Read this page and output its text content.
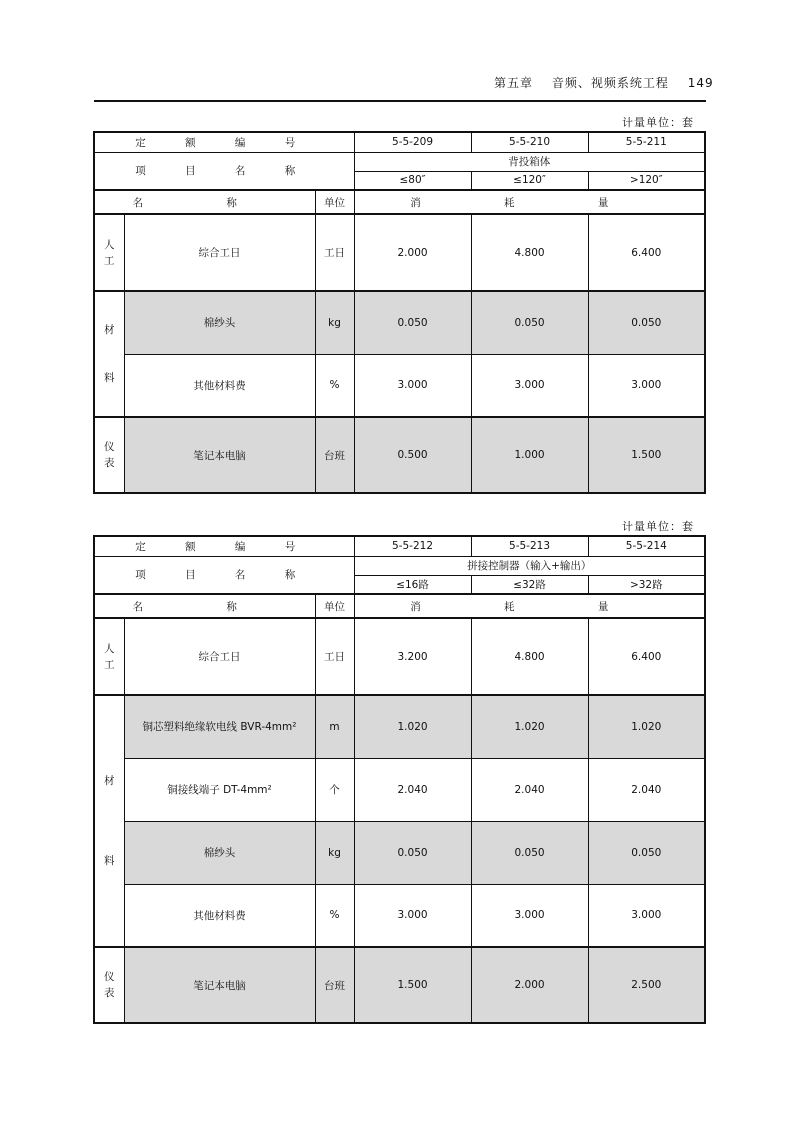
第五章 音频、视频系统工程 149
计量单位：套
定 额 编 号			5-5-209	5-5-210	5-5-211
项 目 名 称			背投箱体		
			≤80″	≤120″	>120″
名 称		单位	消 耗 量		
人
工	综合工日	工日	2.000	4.800	6.400
材

料	棉纱头	kg	0.050	0.050	0.050
	其他材料费	%	3.000	3.000	3.000
仪
表	笔记本电脑	台班	0.500	1.000	1.500
计量单位：套
定 额 编 号			5-5-212	5-5-213	5-5-214
项 目 名 称			拼接控制器（输入+输出）		
			≤16路	≤32路	>32路
名 称		单位	消 耗 量		
人
工	综合工日	工日	3.200	4.800	6.400
材

料	铜芯塑料绝缘软电线 BVR-4mm²	m	1.020	1.020	1.020
	铜接线端子 DT-4mm²	个	2.040	2.040	2.040
	棉纱头	kg	0.050	0.050	0.050
	其他材料费	%	3.000	3.000	3.000
仪
表	笔记本电脑	台班	1.500	2.000	2.500
